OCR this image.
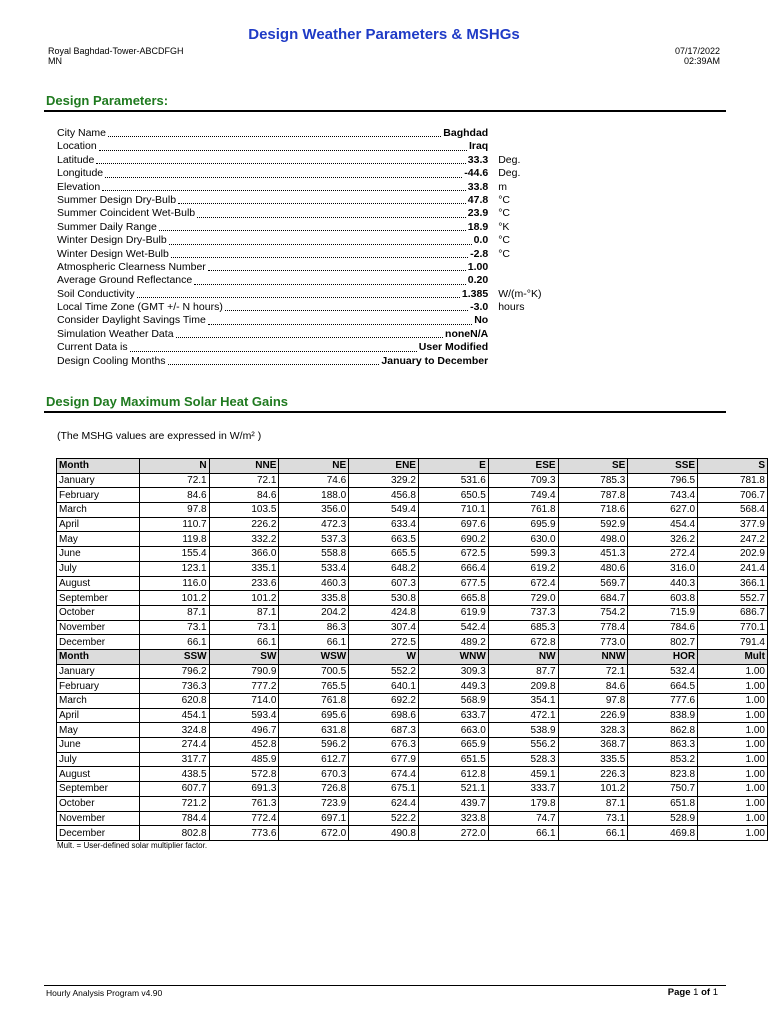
Design Weather Parameters & MSHGs
Royal Baghdad-Tower-ABCDFGH
MN
07/17/2022
02:39AM
Design Parameters:
City Name	Baghdad
Location	Iraq
Latitude	33.3 Deg.
Longitude	-44.6 Deg.
Elevation	33.8 m
Summer Design Dry-Bulb	47.8 °C
Summer Coincident Wet-Bulb	23.9 °C
Summer Daily Range	18.9 °K
Winter Design Dry-Bulb	0.0 °C
Winter Design Wet-Bulb	-2.8 °C
Atmospheric Clearness Number	1.00
Average Ground Reflectance	0.20
Soil Conductivity	1.385 W/(m-°K)
Local Time Zone (GMT +/- N hours)	-3.0 hours
Consider Daylight Savings Time	No
Simulation Weather Data	noneN/A
Current Data is	User Modified
Design Cooling Months	January to December
Design Day Maximum Solar Heat Gains
(The MSHG values are expressed in W/m² )
Month	N	NNE	NE	ENE	E	ESE	SE	SSE	S
January	72.1	72.1	74.6	329.2	531.6	709.3	785.3	796.5	781.8
February	84.6	84.6	188.0	456.8	650.5	749.4	787.8	743.4	706.7
March	97.8	103.5	356.0	549.4	710.1	761.8	718.6	627.0	568.4
April	110.7	226.2	472.3	633.4	697.6	695.9	592.9	454.4	377.9
May	119.8	332.2	537.3	663.5	690.2	630.0	498.0	326.2	247.2
June	155.4	366.0	558.8	665.5	672.5	599.3	451.3	272.4	202.9
July	123.1	335.1	533.4	648.2	666.4	619.2	480.6	316.0	241.4
August	116.0	233.6	460.3	607.3	677.5	672.4	569.7	440.3	366.1
September	101.2	101.2	335.8	530.8	665.8	729.0	684.7	603.8	552.7
October	87.1	87.1	204.2	424.8	619.9	737.3	754.2	715.9	686.7
November	73.1	73.1	86.3	307.4	542.4	685.3	778.4	784.6	770.1
December	66.1	66.1	66.1	272.5	489.2	672.8	773.0	802.7	791.4
Month	SSW	SW	WSW	W	WNW	NW	NNW	HOR	Mult
January	796.2	790.9	700.5	552.2	309.3	87.7	72.1	532.4	1.00
February	736.3	777.2	765.5	640.1	449.3	209.8	84.6	664.5	1.00
March	620.8	714.0	761.8	692.2	568.9	354.1	97.8	777.6	1.00
April	454.1	593.4	695.6	698.6	633.7	472.1	226.9	838.9	1.00
May	324.8	496.7	631.8	687.3	663.0	538.9	328.3	862.8	1.00
June	274.4	452.8	596.2	676.3	665.9	556.2	368.7	863.3	1.00
July	317.7	485.9	612.7	677.9	651.5	528.3	335.5	853.2	1.00
August	438.5	572.8	670.3	674.4	612.8	459.1	226.3	823.8	1.00
September	607.7	691.3	726.8	675.1	521.1	333.7	101.2	750.7	1.00
October	721.2	761.3	723.9	624.4	439.7	179.8	87.1	651.8	1.00
November	784.4	772.4	697.1	522.2	323.8	74.7	73.1	528.9	1.00
December	802.8	773.6	672.0	490.8	272.0	66.1	66.1	469.8	1.00
Mult. = User-defined solar multiplier factor.
Hourly Analysis Program v4.90	Page 1 of 1
